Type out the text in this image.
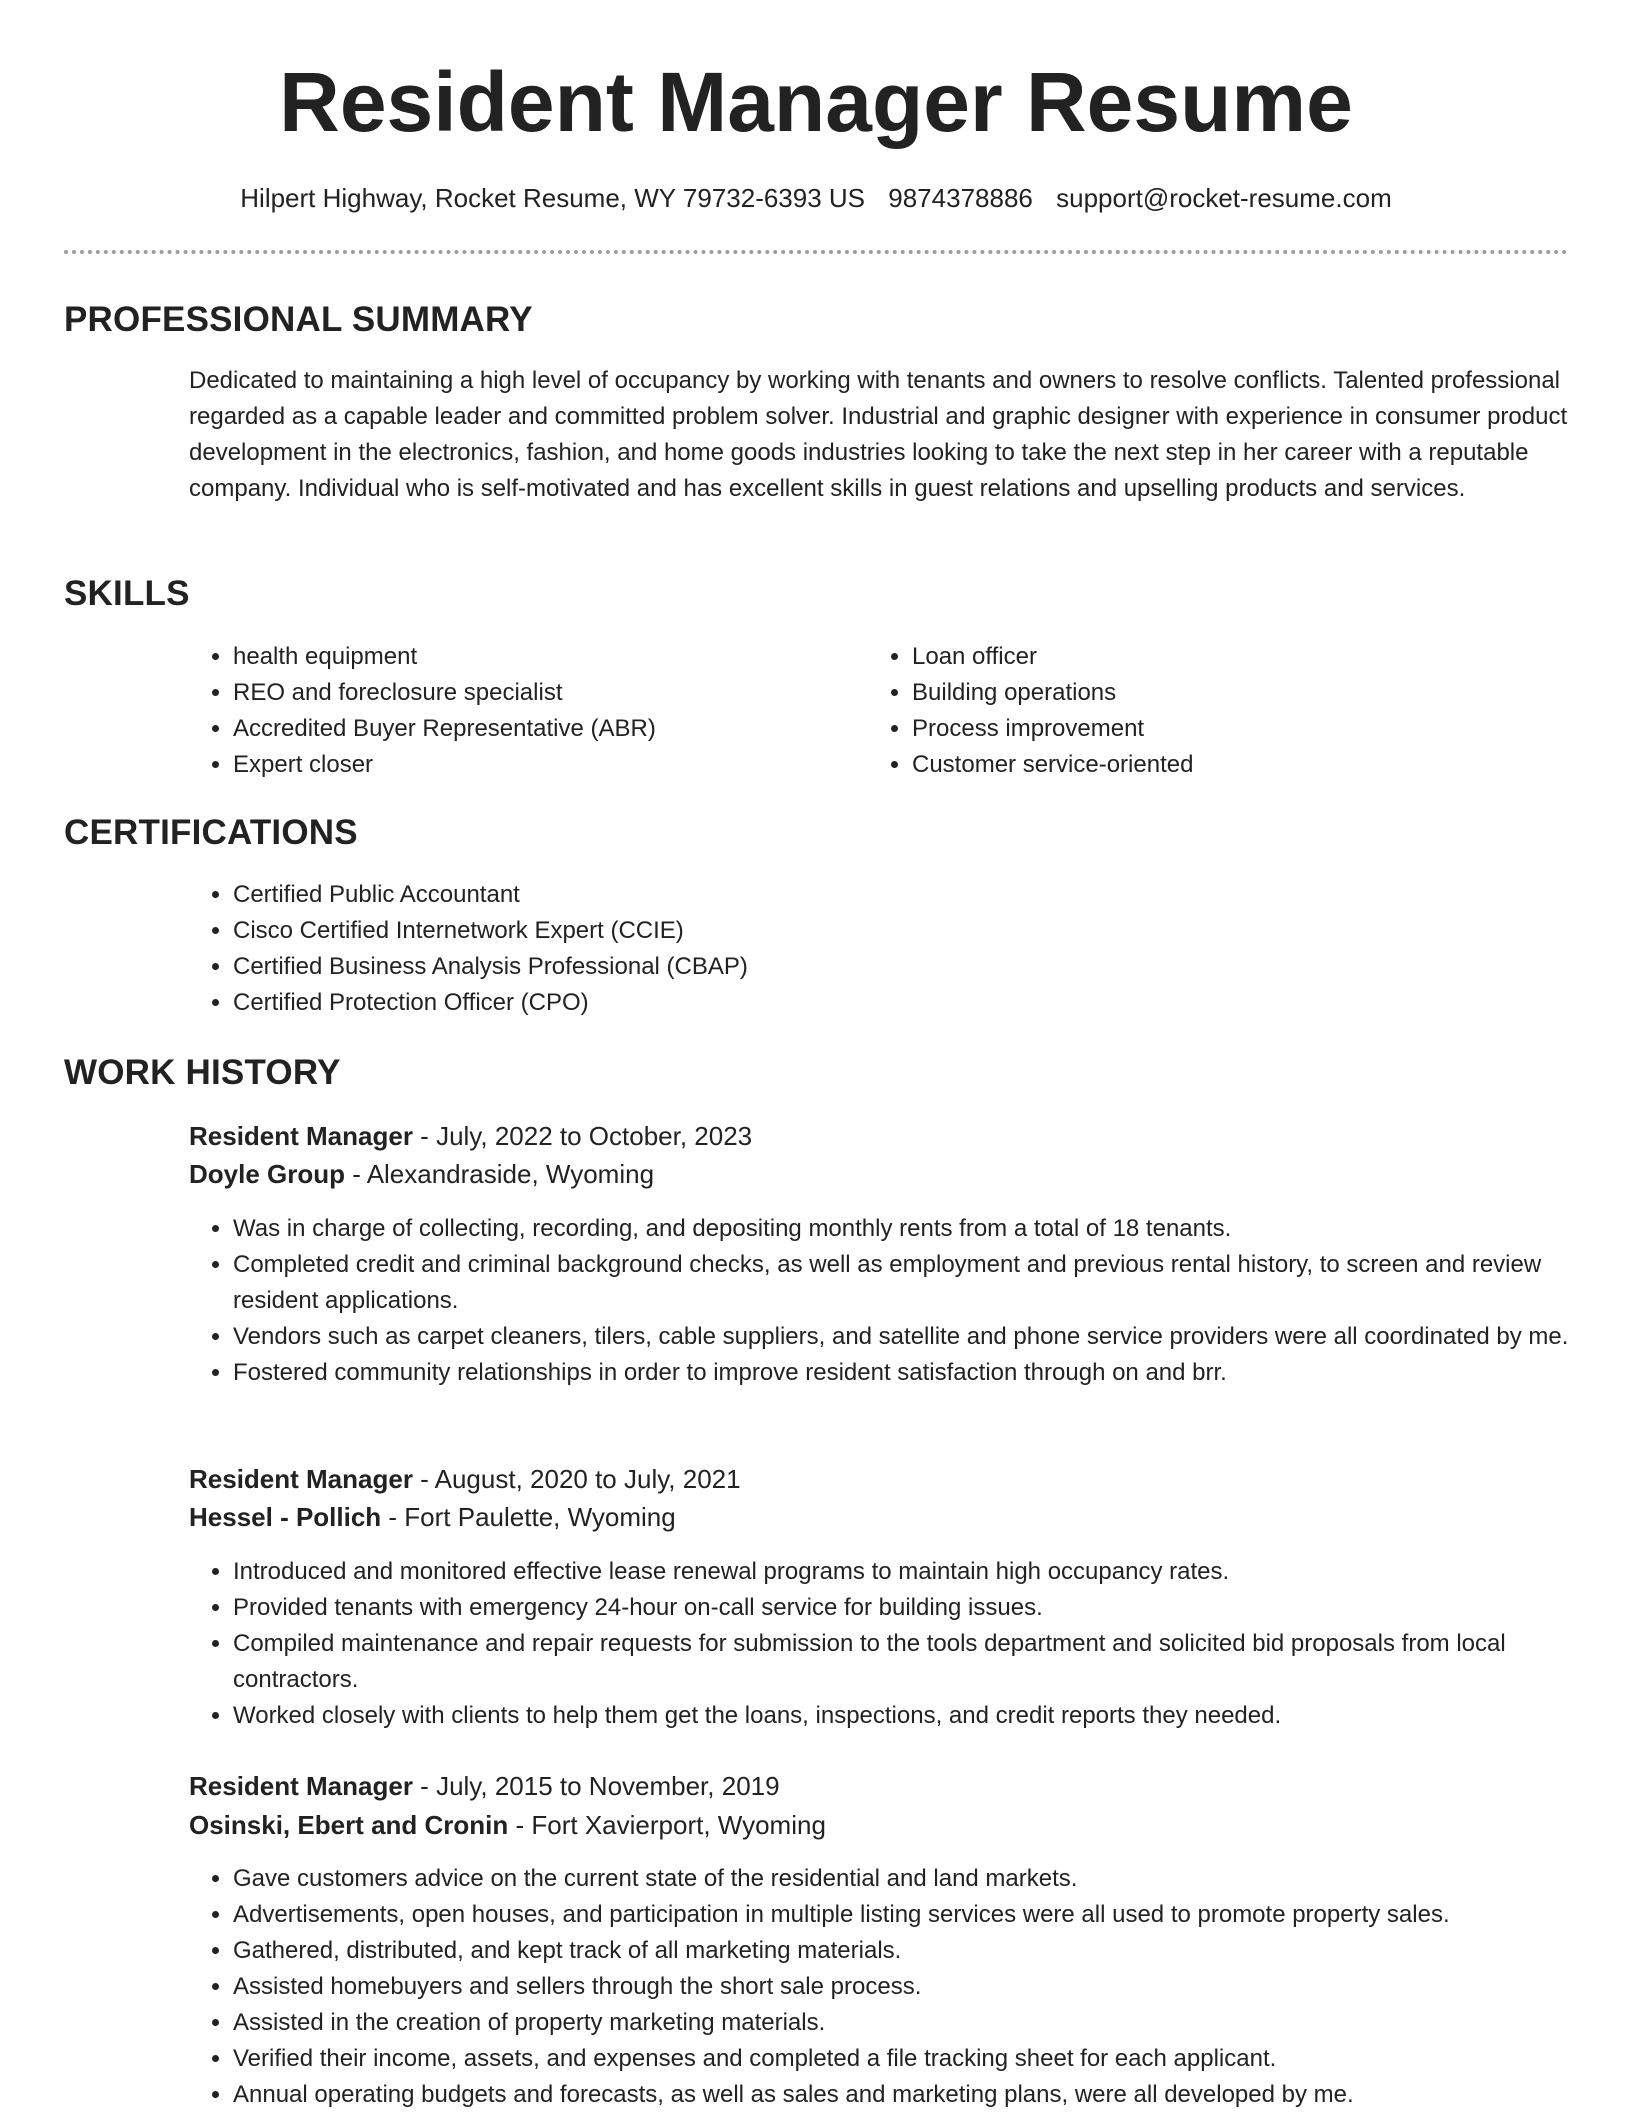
Resident Manager Resume
Hilpert Highway, Rocket Resume, WY 79732-6393 US 9874378886 support@rocket-resume.com
PROFESSIONAL SUMMARY

Dedicated to maintaining a high level of occupancy by working with tenants and owners to resolve conflicts. Talented professional regarded as a capable leader and committed problem solver. Industrial and graphic designer with experience in consumer product development in the electronics, fashion, and home goods industries looking to take the next step in her career with a reputable company. Individual who is self-motivated and has excellent skills in guest relations and upselling products and services.

SKILLS
• health equipment
• REO and foreclosure specialist
• Accredited Buyer Representative (ABR)
• Expert closer
• Loan officer
• Building operations
• Process improvement
• Customer service-oriented
CERTIFICATIONS
• Certified Public Accountant
• Cisco Certified Internetwork Expert (CCIE)
• Certified Business Analysis Professional (CBAP)
• Certified Protection Officer (CPO)
WORK HISTORY
Resident Manager - July, 2022 to October, 2023
Doyle Group - Alexandraside, Wyoming
• Was in charge of collecting, recording, and depositing monthly rents from a total of 18 tenants.
• Completed credit and criminal background checks, as well as employment and previous rental history, to screen and review resident applications.
• Vendors such as carpet cleaners, tilers, cable suppliers, and satellite and phone service providers were all coordinated by me.
• Fostered community relationships in order to improve resident satisfaction through on and brr.
Resident Manager - August, 2020 to July, 2021
Hessel - Pollich - Fort Paulette, Wyoming
• Introduced and monitored effective lease renewal programs to maintain high occupancy rates.
• Provided tenants with emergency 24-hour on-call service for building issues.
• Compiled maintenance and repair requests for submission to the tools department and solicited bid proposals from local contractors.
• Worked closely with clients to help them get the loans, inspections, and credit reports they needed.
Resident Manager - July, 2015 to November, 2019
Osinski, Ebert and Cronin - Fort Xavierport, Wyoming
• Gave customers advice on the current state of the residential and land markets.
• Advertisements, open houses, and participation in multiple listing services were all used to promote property sales.
• Gathered, distributed, and kept track of all marketing materials.
• Assisted homebuyers and sellers through the short sale process.
• Assisted in the creation of property marketing materials.
• Verified their income, assets, and expenses and completed a file tracking sheet for each applicant.
• Annual operating budgets and forecasts, as well as sales and marketing plans, were all developed by me.
